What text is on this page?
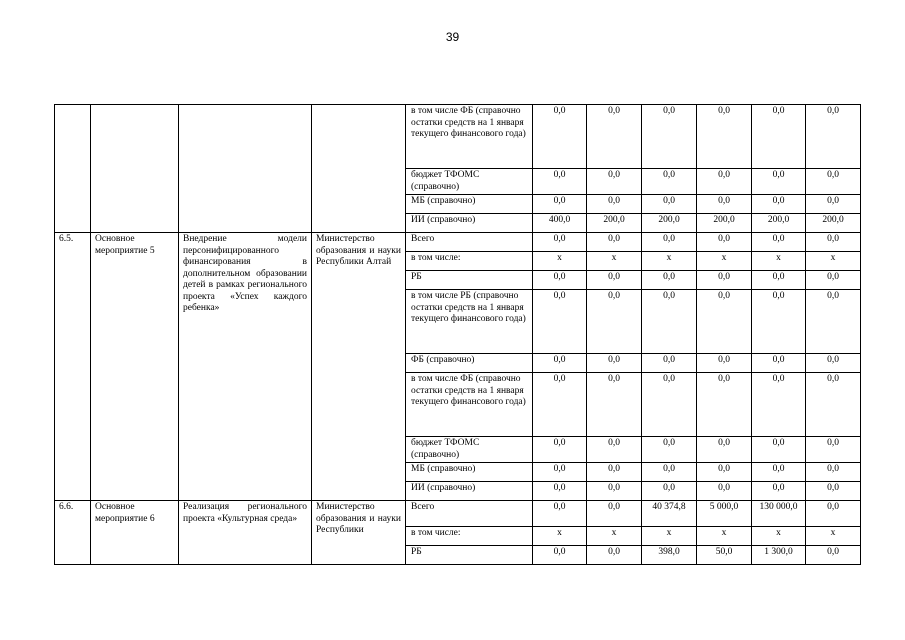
39
				в том числе ФБ (справочно остатки средств на 1 января текущего финансового года)	0,0	0,0	0,0	0,0	0,0	0,0
				бюджет ТФОМС (справочно)	0,0	0,0	0,0	0,0	0,0	0,0
				МБ (справочно)	0,0	0,0	0,0	0,0	0,0	0,0
				ИИ (справочно)	400,0	200,0	200,0	200,0	200,0	200,0
6.5.	Основное мероприятие 5	Внедрение модели персонифицированного финансирования в дополнительном образовании детей в рамках регионального проекта «Успех каждого ребенка»	Министерство образования и науки Республики Алтай	Всего	0,0	0,0	0,0	0,0	0,0	0,0
				в том числе:	х	х	х	х	х	х
				РБ	0,0	0,0	0,0	0,0	0,0	0,0
				в том числе РБ (справочно остатки средств на 1 января текущего финансового года)	0,0	0,0	0,0	0,0	0,0	0,0
				ФБ (справочно)	0,0	0,0	0,0	0,0	0,0	0,0
				в том числе ФБ (справочно остатки средств на 1 января текущего финансового года)	0,0	0,0	0,0	0,0	0,0	0,0
				бюджет ТФОМС (справочно)	0,0	0,0	0,0	0,0	0,0	0,0
				МБ (справочно)	0,0	0,0	0,0	0,0	0,0	0,0
				ИИ (справочно)	0,0	0,0	0,0	0,0	0,0	0,0
6.6.	Основное мероприятие 6	Реализация регионального проекта «Культурная среда»	Министерство образования и науки Республики	Всего	0,0	0,0	40 374,8	5 000,0	130 000,0	0,0
				в том числе:	х	х	х	х	х	х
				РБ	0,0	0,0	398,0	50,0	1 300,0	0,0
